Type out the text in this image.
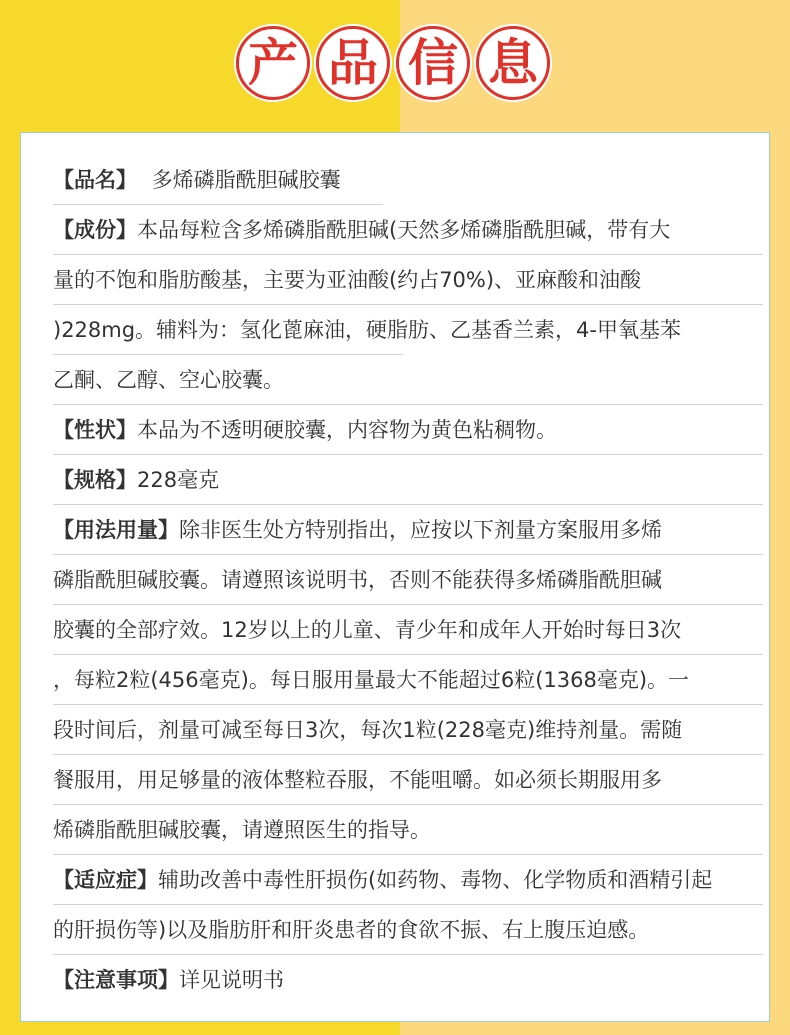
产 品 信 息
【品名】 多烯磷脂酰胆碱胶囊
【成份】本品每粒含多烯磷脂酰胆碱(天然多烯磷脂酰胆碱，带有大
量的不饱和脂肪酸基，主要为亚油酸(约占70%)、亚麻酸和油酸
)228mg。辅料为：氢化蓖麻油，硬脂肪、乙基香兰素，4-甲氧基苯
乙酮、乙醇、空心胶囊。
【性状】本品为不透明硬胶囊，内容物为黄色粘稠物。
【规格】228毫克
【用法用量】除非医生处方特别指出，应按以下剂量方案服用多烯
磷脂酰胆碱胶囊。请遵照该说明书，否则不能获得多烯磷脂酰胆碱
胶囊的全部疗效。12岁以上的儿童、青少年和成年人开始时每日3次
，每粒2粒(456毫克)。每日服用量最大不能超过6粒(1368毫克)。一
段时间后，剂量可减至每日3次，每次1粒(228毫克)维持剂量。需随
餐服用，用足够量的液体整粒吞服，不能咀嚼。如必须长期服用多
烯磷脂酰胆碱胶囊，请遵照医生的指导。
【适应症】辅助改善中毒性肝损伤(如药物、毒物、化学物质和酒精引起
的肝损伤等)以及脂肪肝和肝炎患者的食欲不振、右上腹压迫感。
【注意事项】详见说明书
